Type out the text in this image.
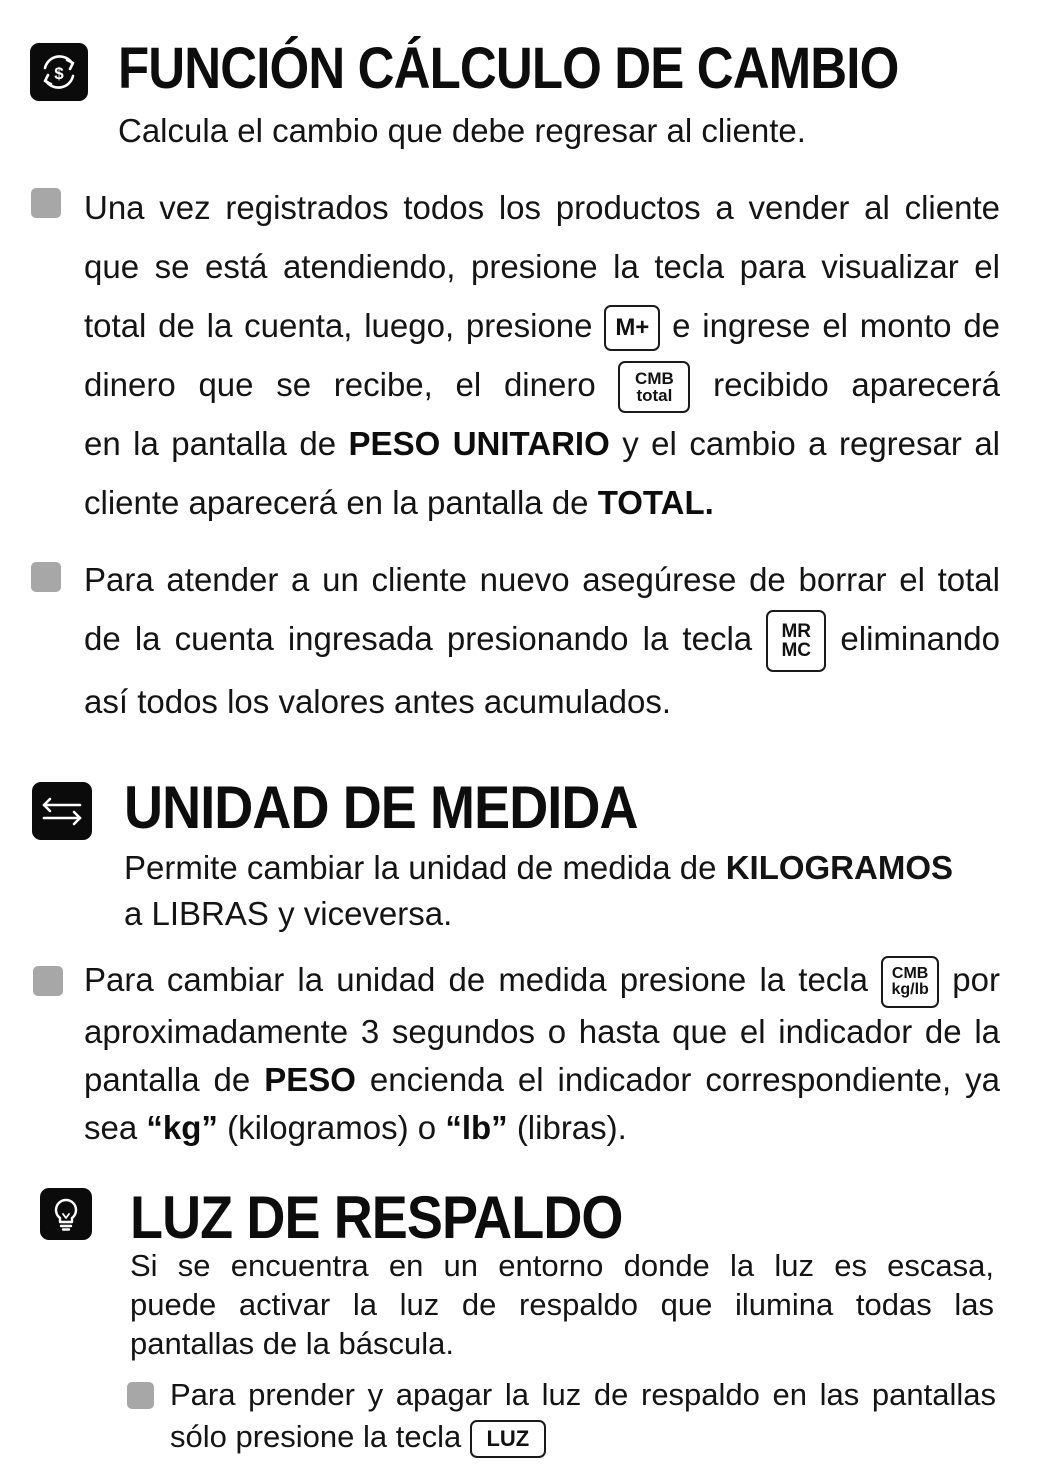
$ FUNCIÓN CÁLCULO DE CAMBIO

Calcula el cambio que debe regresar al cliente.

Una vez registrados todos los productos a vender al cliente
que se está atendiendo, presione la tecla para visualizar el
total de la cuenta, luego, presione M+ e ingrese el monto de
dinero que se recibe, el dinero CMB
total recibido aparecerá
en la pantalla de PESO UNITARIO y el cambio a regresar al
cliente aparecerá en la pantalla de TOTAL.
Para atender a un cliente nuevo asegúrese de borrar el total
de la cuenta ingresada presionando la tecla MR
MC eliminando
así todos los valores antes acumulados.
UNIDAD DE MEDIDA

Permite cambiar la unidad de medida de KILOGRAMOS
a LIBRAS y viceversa.

Para cambiar la unidad de medida presione la tecla CMB
kg/lb por
aproximadamente 3 segundos o hasta que el indicador de la
pantalla de PESO encienda el indicador correspondiente, ya
sea “kg” (kilogramos) o “lb” (libras).
LUZ DE RESPALDO
Si se encuentra en un entorno donde la luz es escasa,
puede activar la luz de respaldo que ilumina todas las
pantallas de la báscula.
Para prender y apagar la luz de respaldo en las pantallas
sólo presione la tecla LUZ
